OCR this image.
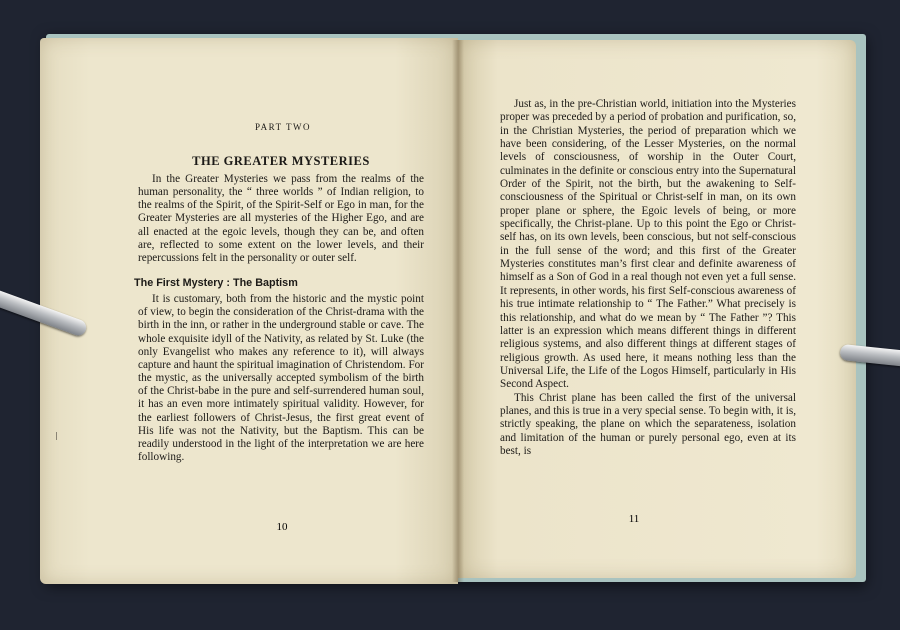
PART TWO
THE GREATER MYSTERIES

In the Greater Mysteries we pass from the realms of the human personality, the “ three worlds ” of Indian religion, to the realms of the Spirit, of the Spirit-Self or Ego in man, for the Greater Mysteries are all mysteries of the Higher Ego, and are all enacted at the egoic levels, though they can be, and often are, reflected to some extent on the lower levels, and their repercussions felt in the personality or outer self.

The First Mystery : The Baptism

It is customary, both from the historic and the mystic point of view, to begin the consideration of the Christ-drama with the birth in the inn, or rather in the underground stable or cave. The whole exquisite idyll of the Nativity, as related by St. Luke (the only Evangelist who makes any reference to it), will always capture and haunt the spiritual imagination of Christendom. For the mystic, as the universally accepted symbolism of the birth of the Christ-babe in the pure and self-surrendered human soul, it has an even more intimately spiritual validity. However, for the earliest followers of Christ-Jesus, the first great event of His life was not the Nativity, but the Baptism. This can be readily understood in the light of the interpretation we are here following.

10

Just as, in the pre-Christian world, initiation into the Mysteries proper was preceded by a period of probation and purification, so, in the Christian Mysteries, the period of preparation which we have been considering, of the Lesser Mysteries, on the normal levels of consciousness, of worship in the Outer Court, culminates in the definite or conscious entry into the Supernatural Order of the Spirit, not the birth, but the awakening to Self-consciousness of the Spiritual or Christ-self in man, on its own proper plane or sphere, the Egoic levels of being, or more specifically, the Christ-plane. Up to this point the Ego or Christ-self has, on its own levels, been conscious, but not self-conscious in the full sense of the word; and this first of the Greater Mysteries constitutes man’s first clear and definite awareness of himself as a Son of God in a real though not even yet a full sense. It represents, in other words, his first Self-conscious awareness of his true intimate relationship to “ The Father.” What precisely is this relationship, and what do we mean by “ The Father ”? This latter is an expression which means different things in different religious systems, and also different things at different stages of religious growth. As used here, it means nothing less than the Universal Life, the Life of the Logos Himself, particularly in His Second Aspect.

This Christ plane has been called the first of the universal planes, and this is true in a very special sense. To begin with, it is, strictly speaking, the plane on which the separateness, isolation and limitation of the human or purely personal ego, even at its best, is

11
